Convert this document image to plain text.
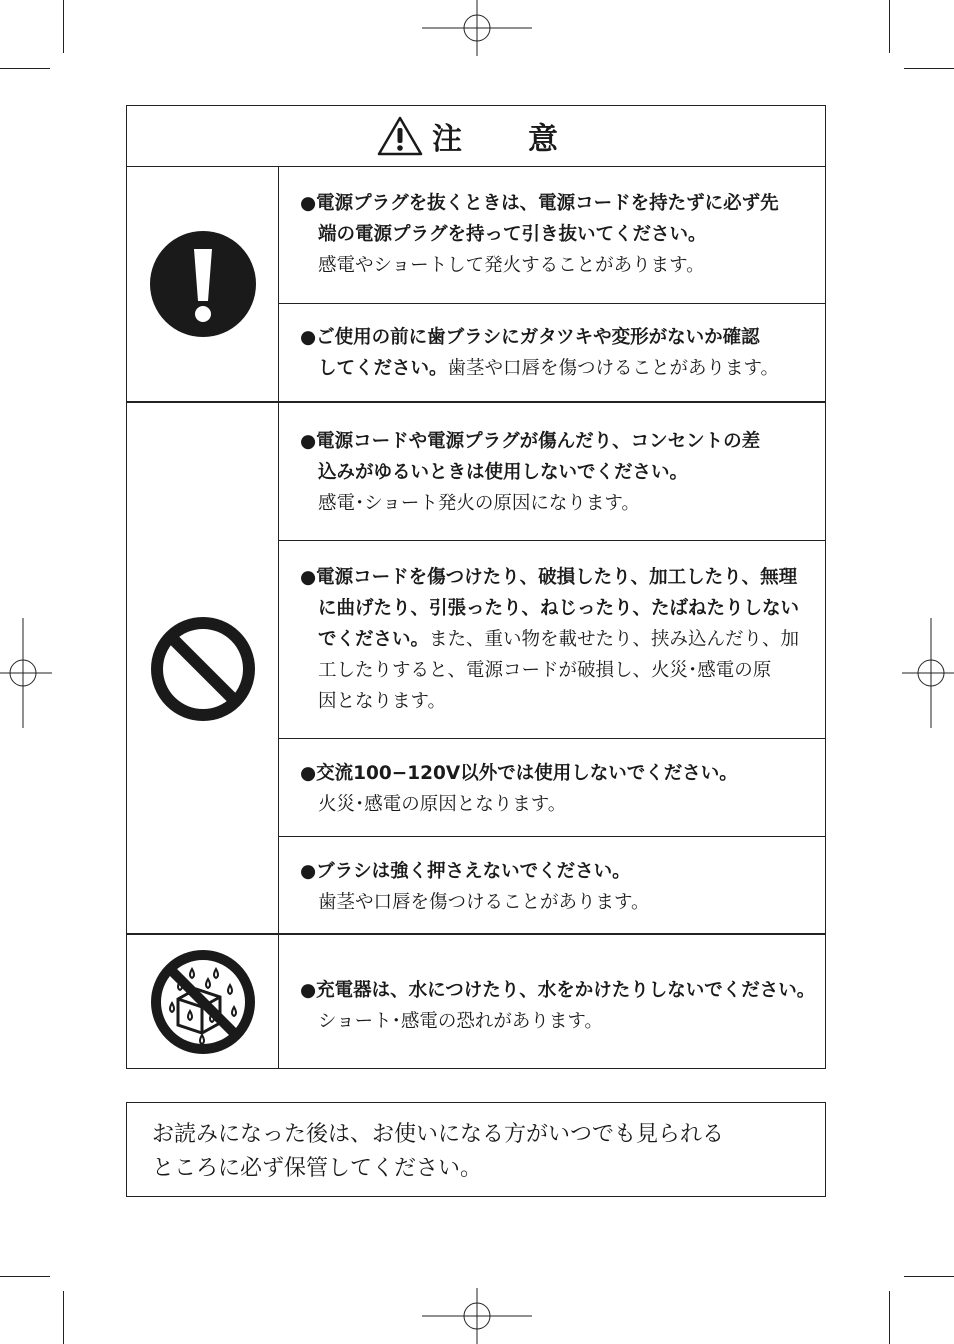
注　意
●電源プラグを抜くときは、電源コードを持たずに必ず先
端の電源プラグを持って引き抜いてください。
感電やショートして発火することがあります。
●ご使用の前に歯ブラシにガタツキや変形がないか確認
してください。歯茎や口唇を傷つけることがあります。
●電源コードや電源プラグが傷んだり、コンセントの差
込みがゆるいときは使用しないでください。
感電･ショート発火の原因になります。
●電源コードを傷つけたり、破損したり、加工したり、無理
に曲げたり、引張ったり、ねじったり、たばねたりしない
でください。また、重い物を載せたり、挟み込んだり、加
工したりすると、電源コードが破損し、火災･感電の原
因となります。
●交流100−120V以外では使用しないでください。
火災･感電の原因となります。
●ブラシは強く押さえないでください。
歯茎や口唇を傷つけることがあります。
●充電器は、水につけたり、水をかけたりしないでください。
ショート･感電の恐れがあります。
お読みになった後は、お使いになる方がいつでも見られる
ところに必ず保管してください。
